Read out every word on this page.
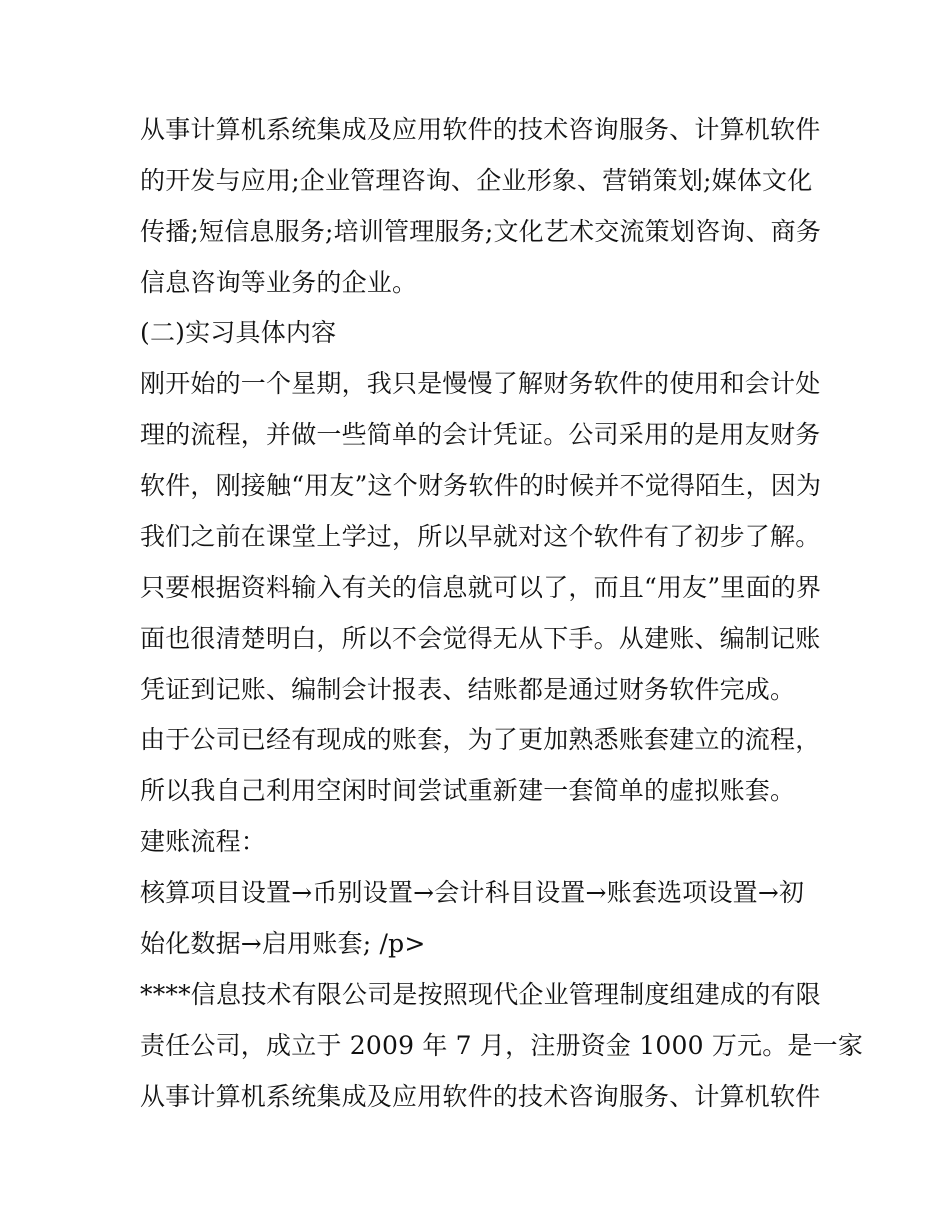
从事计算机系统集成及应用软件的技术咨询服务、计算机软件
的开发与应用;企业管理咨询、企业形象、营销策划;媒体文化
传播;短信息服务;培训管理服务;文化艺术交流策划咨询、商务
信息咨询等业务的企业。
(二)实习具体内容
刚开始的一个星期，我只是慢慢了解财务软件的使用和会计处
理的流程，并做一些简单的会计凭证。公司采用的是用友财务
软件，刚接触“用友”这个财务软件的时候并不觉得陌生，因为
我们之前在课堂上学过，所以早就对这个软件有了初步了解。
只要根据资料输入有关的信息就可以了，而且“用友”里面的界
面也很清楚明白，所以不会觉得无从下手。从建账、编制记账
凭证到记账、编制会计报表、结账都是通过财务软件完成。
由于公司已经有现成的账套，为了更加熟悉账套建立的流程，
所以我自己利用空闲时间尝试重新建一套简单的虚拟账套。
建账流程：
核算项目设置→币别设置→会计科目设置→账套选项设置→初
始化数据→启用账套; /p>
****信息技术有限公司是按照现代企业管理制度组建成的有限
责任公司，成立于 2009 年 7 月，注册资金 1000 万元。是一家
从事计算机系统集成及应用软件的技术咨询服务、计算机软件
